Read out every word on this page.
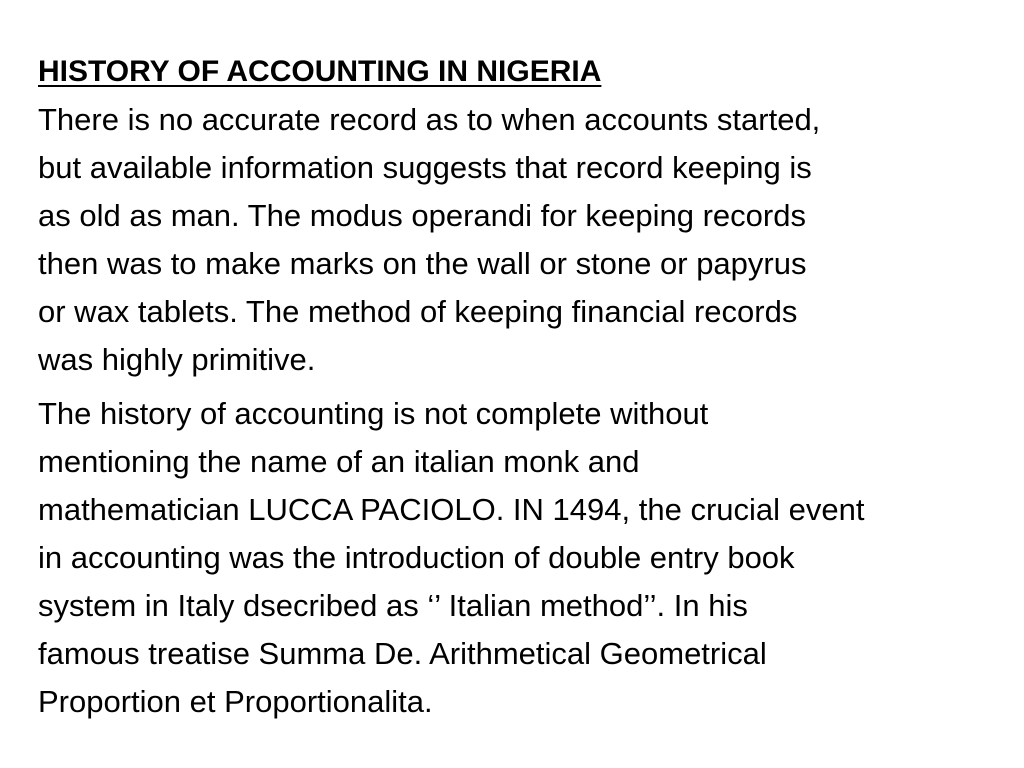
HISTORY OF ACCOUNTING IN NIGERIA
There is no accurate record as to when accounts started,
but available information suggests that record keeping is
as old as man. The modus operandi for keeping records
then was to make marks on the wall or stone or papyrus
or wax tablets. The method of keeping financial records
was highly primitive.
The history of accounting is not complete without
mentioning the name of an italian monk and
mathematician LUCCA PACIOLO. IN 1494, the crucial event
in accounting was the introduction of double entry book
system in Italy dsecribed as ‘’ Italian method’’. In his
famous treatise Summa De. Arithmetical Geometrical
Proportion et Proportionalita.
